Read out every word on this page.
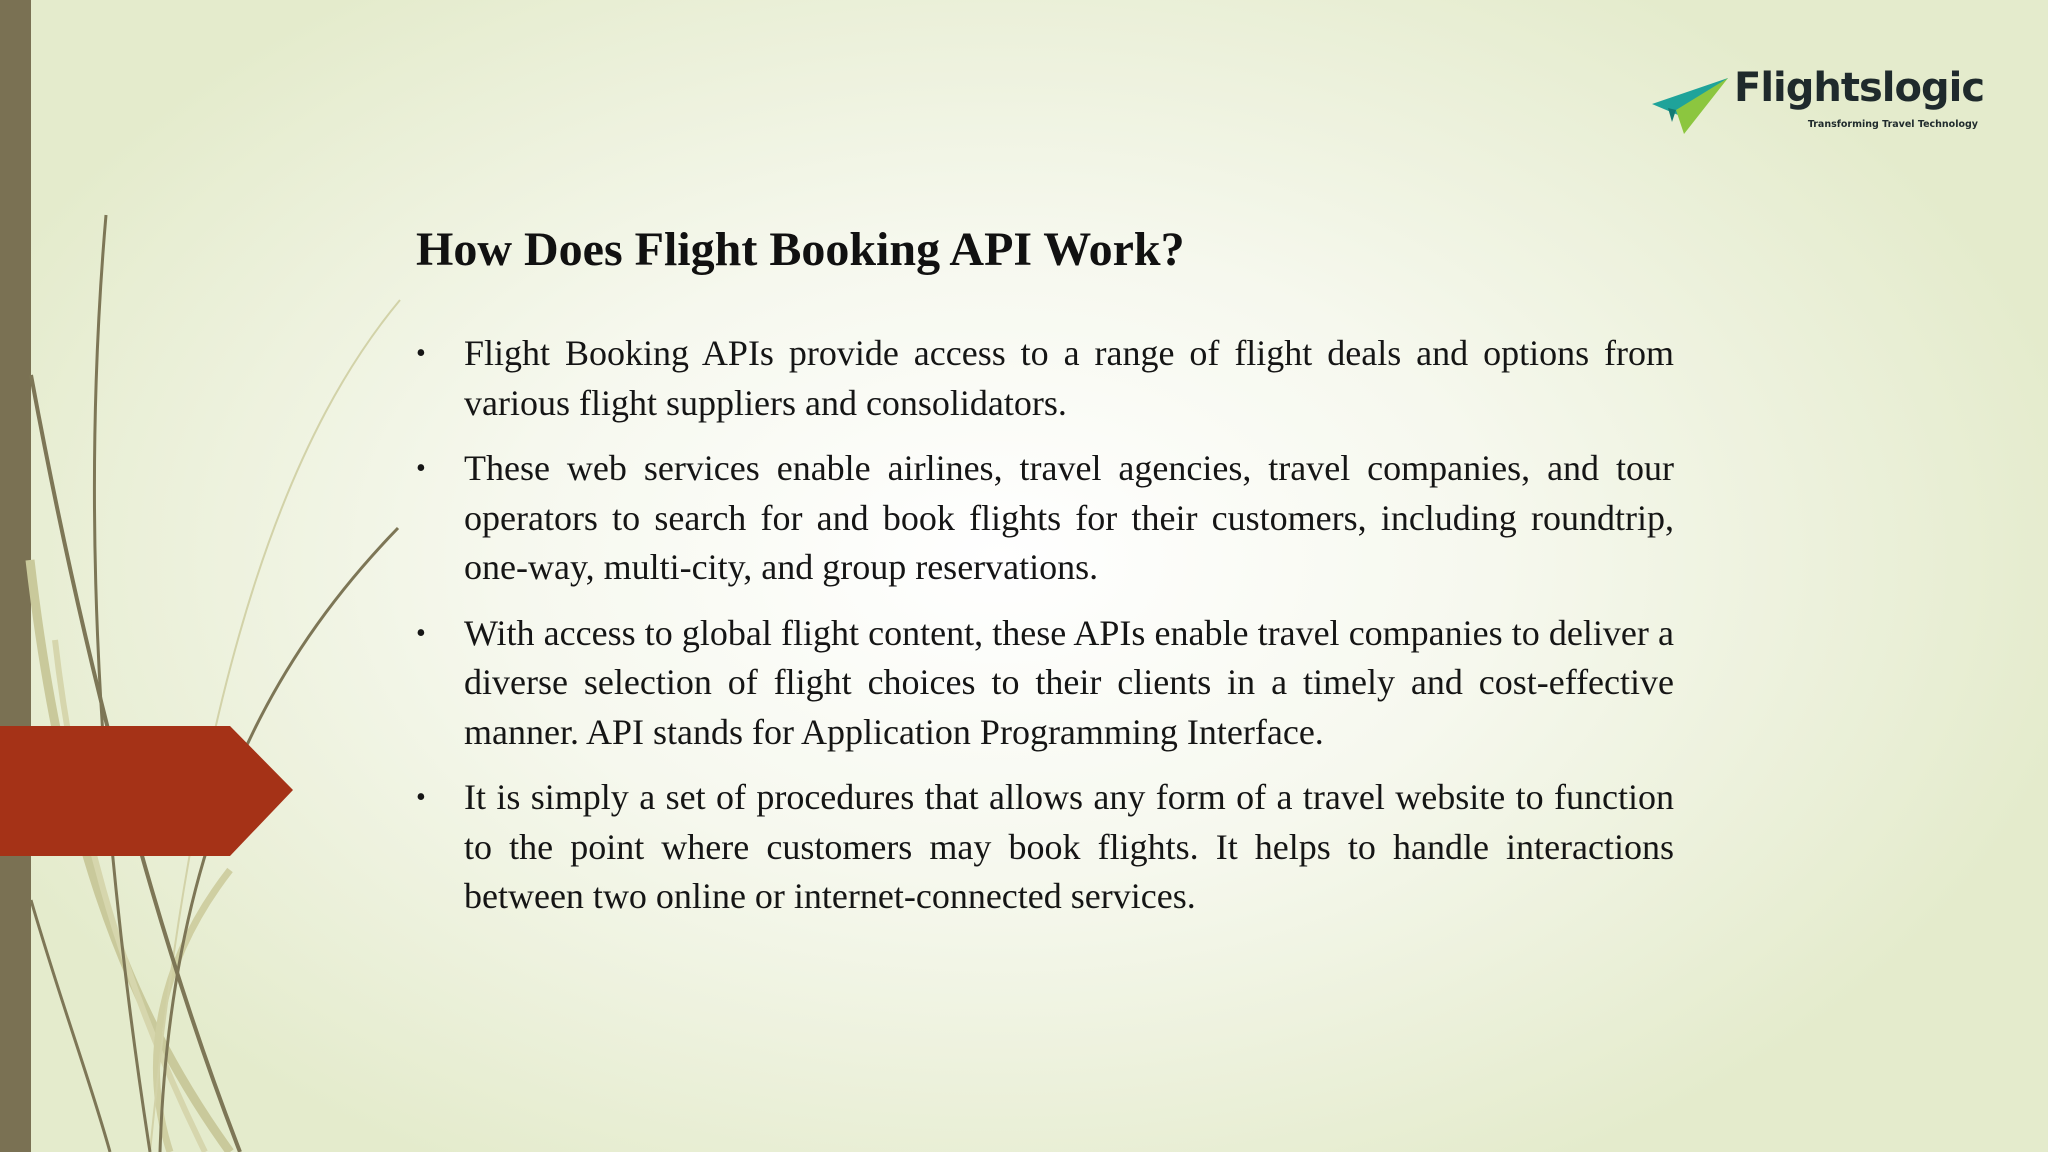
Flightslogic
Transforming Travel Technology
How Does Flight Booking API Work?
• Flight Booking APIs provide access to a range of flight deals and options from various flight suppliers and consolidators.
• These web services enable airlines, travel agencies, travel companies, and tour operators to search for and book flights for their customers, including roundtrip, one-way, multi-city, and group reservations.
• With access to global flight content, these APIs enable travel companies to deliver a diverse selection of flight choices to their clients in a timely and cost-effective manner. API stands for Application Programming Interface.
• It is simply a set of procedures that allows any form of a travel website to function to the point where customers may book flights. It helps to handle interactions between two online or internet-connected services.
